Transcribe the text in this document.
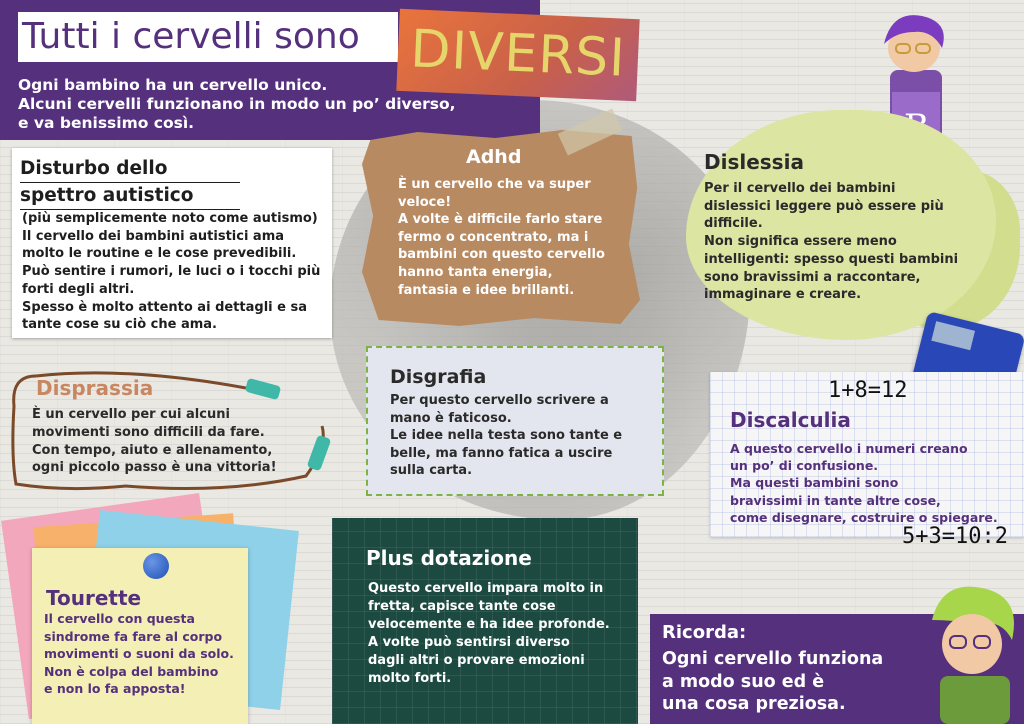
Tutti i cervelli sono DIVERSI
Ogni bambino ha un cervello unico.
Alcuni cervelli funzionano in modo un po’ diverso,
e va benissimo così.
Disturbo dello
spettro autistico
(più semplicemente noto come autismo)
Il cervello dei bambini autistici ama
molto le routine e le cose prevedibili.
Può sentire i rumori, le luci o i tocchi più
forti degli altri.
Spesso è molto attento ai dettagli e sa
tante cose su ciò che ama.
Adhd
È un cervello che va super
veloce!
A volte è difficile farlo stare
fermo o concentrato, ma i
bambini con questo cervello
hanno tanta energia,
fantasia e idee brillanti.
Dislessia
Per il cervello dei bambini
dislessici leggere può essere più
difficile.
Non significa essere meno
intelligenti: spesso questi bambini
sono bravissimi a raccontare,
immaginare e creare.
Disprassia
È un cervello per cui alcuni
movimenti sono difficili da fare.
Con tempo, aiuto e allenamento,
ogni piccolo passo è una vittoria!
Disgrafia
Per questo cervello scrivere a
mano è faticoso.
Le idee nella testa sono tante e
belle, ma fanno fatica a uscire
sulla carta.
1+8=12
Discalculia
A questo cervello i numeri creano
un po’ di confusione.
Ma questi bambini sono
bravissimi in tante altre cose,
come disegnare, costruire o spiegare.
5+3=10:2
Tourette
Il cervello con questa
sindrome fa fare al corpo
movimenti o suoni da solo.
Non è colpa del bambino
e non lo fa apposta!
Plus dotazione
Questo cervello impara molto in
fretta, capisce tante cose
velocemente e ha idee profonde.
A volte può sentirsi diverso
dagli altri o provare emozioni
molto forti.
Ricorda:
Ogni cervello funziona
a modo suo ed è
una cosa preziosa.
